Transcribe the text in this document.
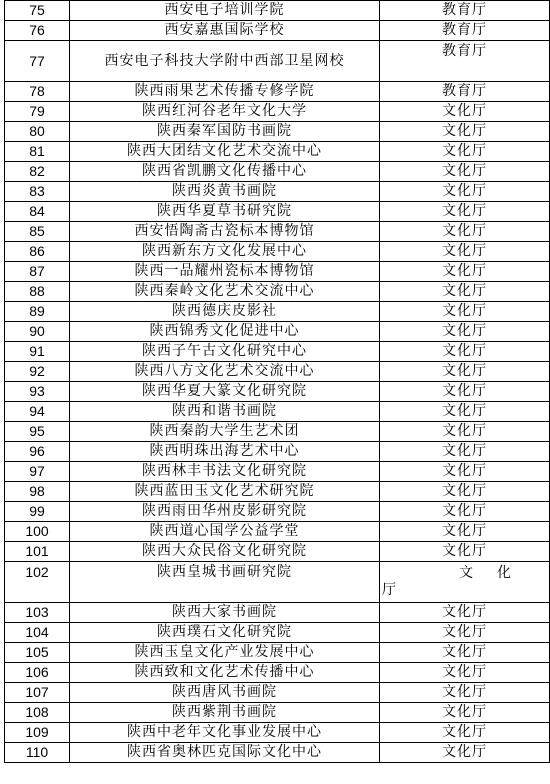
75	西安电子培训学院	教育厅
76	西安嘉惠国际学校	教育厅
77	西安电子科技大学附中西部卫星网校	教育厅
78	陕西雨果艺术传播专修学院	教育厅
79	陕西红河谷老年文化大学	文化厅
80	陕西秦军国防书画院	文化厅
81	陕西大团结文化艺术交流中心	文化厅
82	陕西省凯鹏文化传播中心	文化厅
83	陕西炎黄书画院	文化厅
84	陕西华夏草书研究院	文化厅
85	西安悟陶斋古瓷标本博物馆	文化厅
86	陕西新东方文化发展中心	文化厅
87	陕西一品耀州瓷标本博物馆	文化厅
88	陕西秦岭文化艺术交流中心	文化厅
89	陕西德庆皮影社	文化厅
90	陕西锦秀文化促进中心	文化厅
91	陕西子午古文化研究中心	文化厅
92	陕西八方文化艺术交流中心	文化厅
93	陕西华夏大篆文化研究院	文化厅
94	陕西和谐书画院	文化厅
95	陕西秦韵大学生艺术团	文化厅
96	陕西明珠出海艺术中心	文化厅
97	陕西林丰书法文化研究院	文化厅
98	陕西蓝田玉文化艺术研究院	文化厅
99	陕西雨田华州皮影研究院	文化厅
100	陕西道心国学公益学堂	文化厅
101	陕西大众民俗文化研究院	文化厅
102	陕西皇城书画研究院	文化
厅

103	陕西大家书画院	文化厅
104	陕西璞石文化研究院	文化厅
105	陕西玉皇文化产业发展中心	文化厅
106	陕西致和文化艺术传播中心	文化厅
107	陕西唐风书画院	文化厅
108	陕西紫荆书画院	文化厅
109	陕西中老年文化事业发展中心	文化厅
110	陕西省奥林匹克国际文化中心	文化厅
